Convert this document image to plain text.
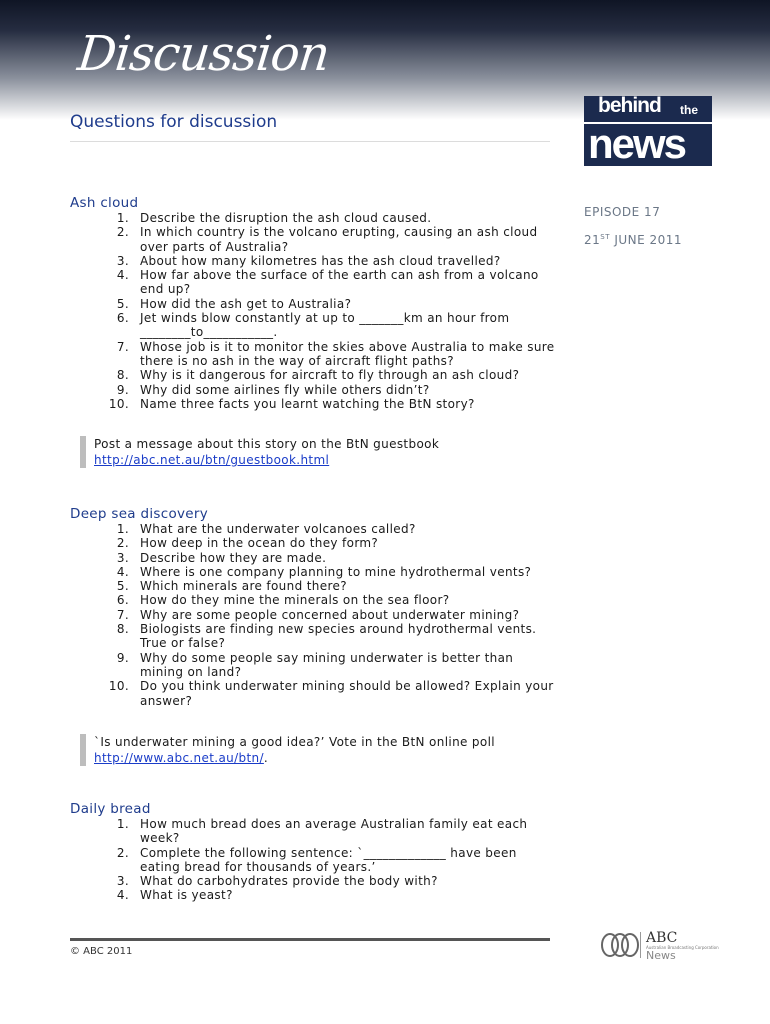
Discussion
Questions for discussion
behind the
news
EPISODE 17
21ST JUNE 2011
Ash cloud
1. Describe the disruption the ash cloud caused.
2. In which country is the volcano erupting, causing an ash cloud over parts of Australia?
3. About how many kilometres has the ash cloud travelled?
4. How far above the surface of the earth can ash from a volcano end up?
5. How did the ash get to Australia?
6. Jet winds blow constantly at up to _______km an hour from ________to___________.
7. Whose job is it to monitor the skies above Australia to make sure there is no ash in the way of aircraft flight paths?
8. Why is it dangerous for aircraft to fly through an ash cloud?
9. Why did some airlines fly while others didn’t?
10. Name three facts you learnt watching the BtN story?
Post a message about this story on the BtN guestbook
http://abc.net.au/btn/guestbook.html
Deep sea discovery
1. What are the underwater volcanoes called?
2. How deep in the ocean do they form?
3. Describe how they are made.
4. Where is one company planning to mine hydrothermal vents?
5. Which minerals are found there?
6. How do they mine the minerals on the sea floor?
7. Why are some people concerned about underwater mining?
8. Biologists are finding new species around hydrothermal vents. True or false?
9. Why do some people say mining underwater is better than mining on land?
10. Do you think underwater mining should be allowed? Explain your answer?
`Is underwater mining a good idea?’ Vote in the BtN online poll
http://www.abc.net.au/btn/.
Daily bread
1. How much bread does an average Australian family eat each week?
2. Complete the following sentence: `_____________ have been eating bread for thousands of years.’
3. What do carbohydrates provide the body with?
4. What is yeast?
© ABC 2011
ABC
Australian Broadcasting Corporation
News
